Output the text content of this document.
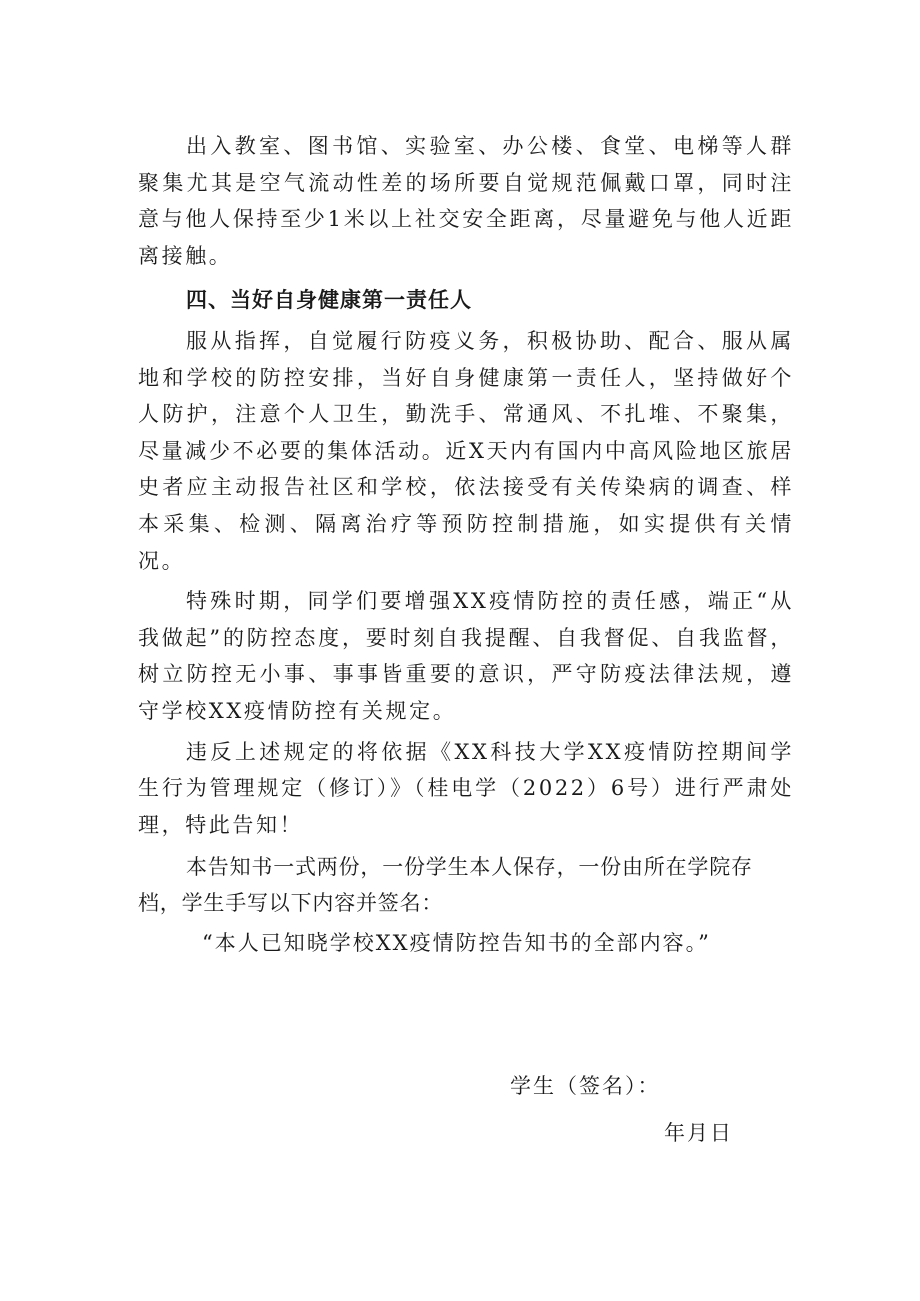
出入教室、图书馆、实验室、办公楼、食堂、电梯等人群聚集尤其是空气流动性差的场所要自觉规范佩戴口罩，同时注意与他人保持至少1米以上社交安全距离，尽量避免与他人近距离接触。

四、当好自身健康第一责任人

服从指挥，自觉履行防疫义务，积极协助、配合、服从属地和学校的防控安排，当好自身健康第一责任人，坚持做好个人防护，注意个人卫生，勤洗手、常通风、不扎堆、不聚集，尽量减少不必要的集体活动。近X天内有国内中高风险地区旅居史者应主动报告社区和学校，依法接受有关传染病的调查、样本采集、检测、隔离治疗等预防控制措施，如实提供有关情况。

特殊时期，同学们要增强XX疫情防控的责任感，端正“从我做起”的防控态度，要时刻自我提醒、自我督促、自我监督，树立防控无小事、事事皆重要的意识，严守防疫法律法规，遵守学校XX疫情防控有关规定。

违反上述规定的将依据《XX科技大学XX疫情防控期间学生行为管理规定（修订）》（桂电学（2022）6号）进行严肃处理，特此告知！

本告知书一式两份，一份学生本人保存，一份由所在学院存档，学生手写以下内容并签名：

“本人已知晓学校XX疫情防控告知书的全部内容。”

学生（签名）：
年月日
